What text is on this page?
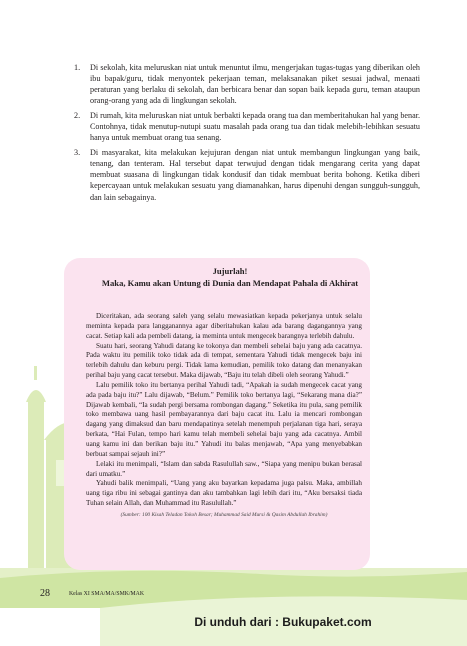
1. Di sekolah, kita meluruskan niat untuk menuntut ilmu, mengerjakan tugas-tugas yang diberikan oleh ibu bapak/guru, tidak menyontek pekerjaan teman, melaksanakan piket sesuai jadwal, menaati peraturan yang berlaku di sekolah, dan berbicara benar dan sopan baik kepada guru, teman ataupun orang-orang yang ada di lingkungan sekolah.
2. Di rumah, kita meluruskan niat untuk berbakti kepada orang tua dan memberitahukan hal yang benar. Contohnya, tidak menutup-nutupi suatu masalah pada orang tua dan tidak melebih-lebihkan sesuatu hanya untuk membuat orang tua senang.
3. Di masyarakat, kita melakukan kejujuran dengan niat untuk membangun lingkungan yang baik, tenang, dan tenteram. Hal tersebut dapat terwujud dengan tidak mengarang cerita yang dapat membuat suasana di lingkungan tidak kondusif dan tidak membuat berita bohong. Ketika diberi kepercayaan untuk melakukan sesuatu yang diamanahkan, harus dipenuhi dengan sungguh-sungguh, dan lain sebagainya.
Jujurlah!
Maka, Kamu akan Untung di Dunia dan Mendapat Pahala di Akhirat

Diceritakan, ada seorang saleh yang selalu mewasiatkan kepada pekerjanya untuk selalu meminta kepada para langganannya agar diberitahukan kalau ada barang dagangannya yang cacat. Setiap kali ada pembeli datang, ia meminta untuk mengecek barangnya terlebih dahulu.

Suatu hari, seorang Yahudi datang ke tokonya dan membeli sehelai baju yang ada cacatnya. Pada waktu itu pemilik toko tidak ada di tempat, sementara Yahudi tidak mengecek baju ini terlebih dahulu dan keburu pergi. Tidak lama kemudian, pemilik toko datang dan menanyakan perihal baju yang cacat tersebut. Maka dijawab, “Baju itu telah dibeli oleh seorang Yahudi.”

Lalu pemilik toko itu bertanya perihal Yahudi tadi, “Apakah ia sudah mengecek cacat yang ada pada baju itu?” Lalu dijawab, “Belum.” Pemilik toko bertanya lagi, “Sekarang mana dia?” Dijawab kembali, “Ia sudah pergi bersama rombongan dagang.” Seketika itu pula, sang pemilik toko membawa uang hasil pembayarannya dari baju cacat itu. Lalu ia mencari rombongan dagang yang dimaksud dan baru mendapatinya setelah menempuh perjalanan tiga hari, seraya berkata, “Hai Fulan, tempo hari kamu telah membeli sehelai baju yang ada cacatnya. Ambil uang kamu ini dan berikan baju itu.” Yahudi itu balas menjawab, “Apa yang menyebabkan berbuat sampai sejauh ini?”

Lelaki itu menimpali, “Islam dan sabda Rasulullah saw., “Siapa yang menipu bukan berasal dari umatku.”

Yahudi balik menimpali, “Uang yang aku bayarkan kepadama juga palsu. Maka, ambillah uang tiga ribu ini sebagai gantinya dan aku tambahkan lagi lebih dari itu, “Aku bersaksi tiada Tuhan selain Allah, dan Muhammad itu Rasulullah.”

(Sumber: 100 Kisah Teladan Tokoh Besar; Muhammad Said Mursi & Qasim Abdullah Ibrahim)
28	Kelas XI SMA/MA/SMK/MAK
Di unduh dari : Bukupaket.com
